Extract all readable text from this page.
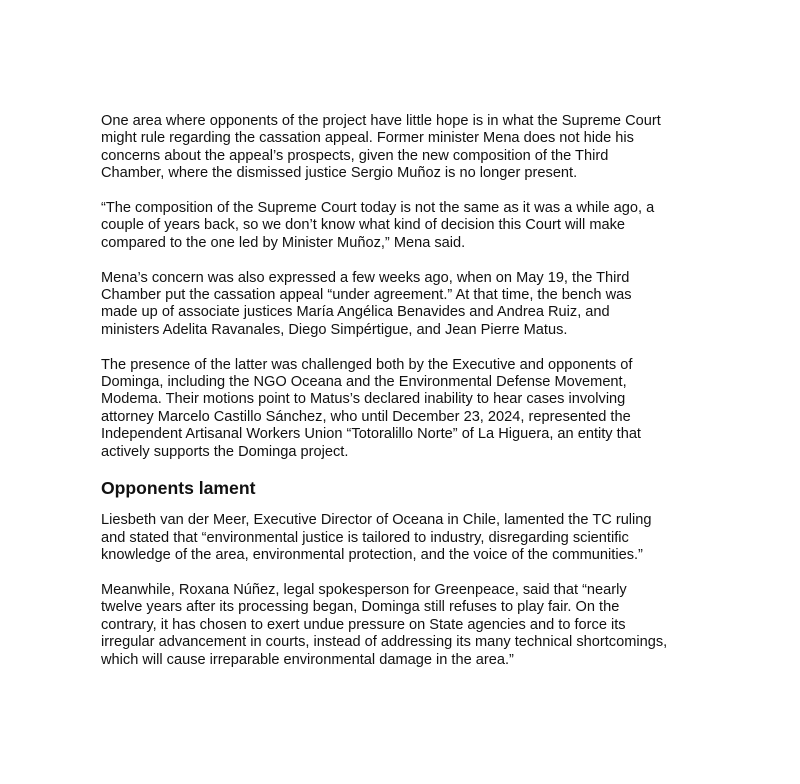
One area where opponents of the project have little hope is in what the Supreme Court
might rule regarding the cassation appeal. Former minister Mena does not hide his
concerns about the appeal’s prospects, given the new composition of the Third
Chamber, where the dismissed justice Sergio Muñoz is no longer present.

“The composition of the Supreme Court today is not the same as it was a while ago, a
couple of years back, so we don’t know what kind of decision this Court will make
compared to the one led by Minister Muñoz,” Mena said.

Mena’s concern was also expressed a few weeks ago, when on May 19, the Third
Chamber put the cassation appeal “under agreement.” At that time, the bench was
made up of associate justices María Angélica Benavides and Andrea Ruiz, and
ministers Adelita Ravanales, Diego Simpértigue, and Jean Pierre Matus.

The presence of the latter was challenged both by the Executive and opponents of
Dominga, including the NGO Oceana and the Environmental Defense Movement,
Modema. Their motions point to Matus’s declared inability to hear cases involving
attorney Marcelo Castillo Sánchez, who until December 23, 2024, represented the
Independent Artisanal Workers Union “Totoralillo Norte” of La Higuera, an entity that
actively supports the Dominga project.

Opponents lament

Liesbeth van der Meer, Executive Director of Oceana in Chile, lamented the TC ruling
and stated that “environmental justice is tailored to industry, disregarding scientific
knowledge of the area, environmental protection, and the voice of the communities.”

Meanwhile, Roxana Núñez, legal spokesperson for Greenpeace, said that “nearly
twelve years after its processing began, Dominga still refuses to play fair. On the
contrary, it has chosen to exert undue pressure on State agencies and to force its
irregular advancement in courts, instead of addressing its many technical shortcomings,
which will cause irreparable environmental damage in the area.”
